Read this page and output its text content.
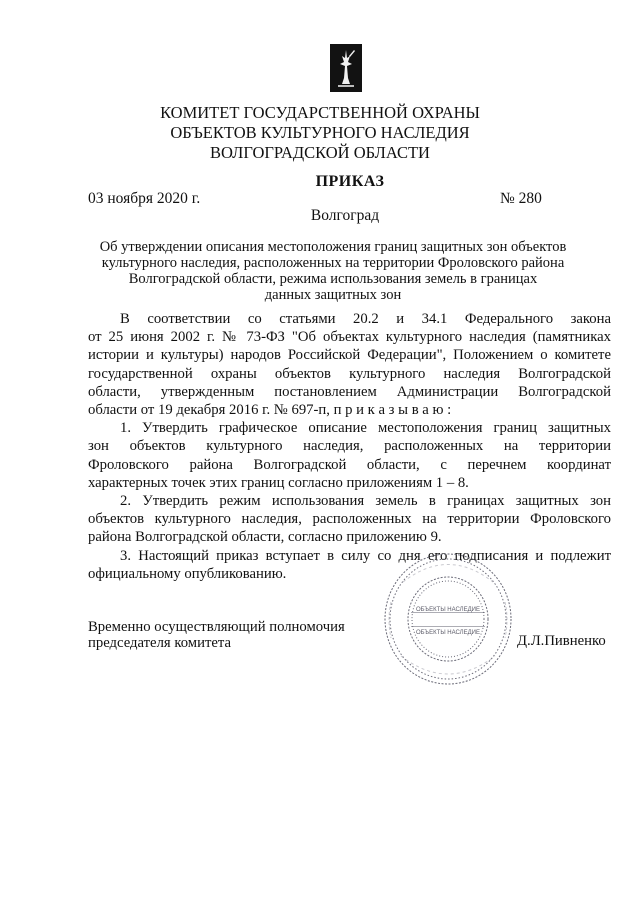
КОМИТЕТ ГОСУДАРСТВЕННОЙ ОХРАНЫ
ОБЪЕКТОВ КУЛЬТУРНОГО НАСЛЕДИЯ
ВОЛГОГРАДСКОЙ ОБЛАСТИ
ПРИКАЗ
03 ноября 2020 г.	№ 280
Волгоград
Об утверждении описания местоположения границ защитных зон объектов
культурного наследия, расположенных на территории Фроловского района
Волгоградской области, режима использования земель в границах
данных защитных зон
В соответствии со статьями 20.2 и 34.1 Федерального закона
от 25 июня 2002 г. № 73-ФЗ "Об объектах культурного наследия (памятниках
истории и культуры) народов Российской Федерации", Положением о комитете
государственной охраны объектов культурного наследия Волгоградской
области, утвержденным постановлением Администрации Волгоградской
области от 19 декабря 2016 г. № 697-п, п р и к а з ы в а ю :
1. Утвердить графическое описание местоположения границ защитных
зон объектов культурного наследия, расположенных на территории
Фроловского района Волгоградской области, с перечнем координат
характерных точек этих границ согласно приложениям 1 – 8.
2. Утвердить режим использования земель в границах защитных зон
объектов культурного наследия, расположенных на территории Фроловского
района Волгоградской области, согласно приложению 9.
3. Настоящий приказ вступает в силу со дня его подписания и подлежит
официальному опубликованию.
Временно осуществляющий полномочия
председателя комитета	Д.Л.Пивненко
ОБЪЕКТЫ НАСЛЕДИЕ
ОБЪЕКТЫ НАСЛЕДИЕ
